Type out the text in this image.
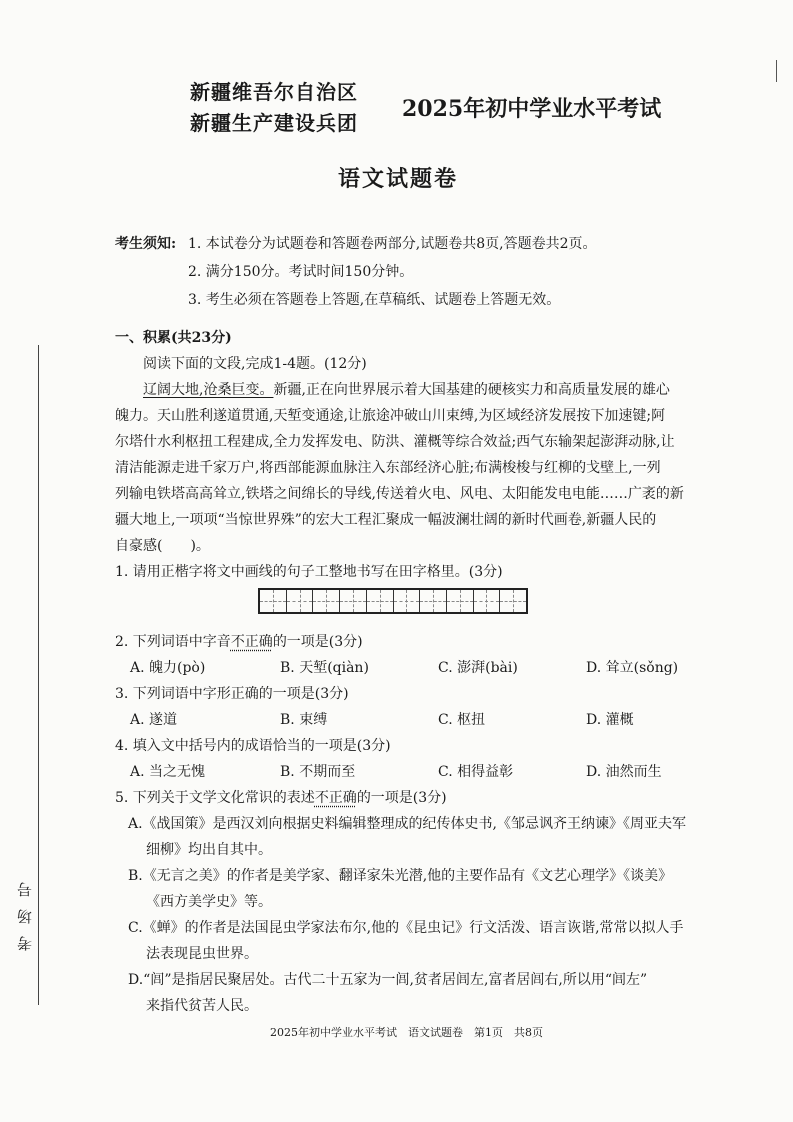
新疆维吾尔自治区
新疆生产建设兵团
2025年初中学业水平考试
语文试题卷
考生须知: 1. 本试卷分为试题卷和答题卷两部分,试题卷共8页,答题卷共2页。
2. 满分150分。考试时间150分钟。
3. 考生必须在答题卷上答题,在草稿纸、试题卷上答题无效。
一、积累(共23分)
阅读下面的文段,完成1-4题。(12分)
辽阔大地,沧桑巨变。新疆,正在向世界展示着大国基建的硬核实力和高质量发展的雄心
魄力。天山胜利遂道贯通,天堑变通途,让旅途冲破山川束缚,为区域经济发展按下加速键;阿
尔塔什水利枢扭工程建成,全力发挥发电、防洪、灌概等综合效益;西气东输架起澎湃动脉,让
清洁能源走进千家万户,将西部能源血脉注入东部经济心脏;布满梭梭与红柳的戈壁上,一列
列输电铁塔高高耸立,铁塔之间绵长的导线,传送着火电、风电、太阳能发电电能……广袤的新
疆大地上,一项项“当惊世界殊”的宏大工程汇聚成一幅波澜壮阔的新时代画卷,新疆人民的
自豪感(　　)。
1. 请用正楷字将文中画线的句子工整地书写在田字格里。(3分)
2. 下列词语中字音不正确的一项是(3分)
A. 魄力(pò)	B. 天堑(qiàn)	C. 澎湃(bài)	D. 耸立(sǒng)
3. 下列词语中字形正确的一项是(3分)
A. 遂道	B. 束缚	C. 枢扭	D. 灌概
4. 填入文中括号内的成语恰当的一项是(3分)
A. 当之无愧	B. 不期而至	C. 相得益彰	D. 油然而生
5. 下列关于文学文化常识的表述不正确的一项是(3分)
A.《战国策》是西汉刘向根据史料编辑整理成的纪传体史书,《邹忌讽齐王纳谏》《周亚夫军
细柳》均出自其中。
B.《无言之美》的作者是美学家、翻译家朱光潜,他的主要作品有《文艺心理学》《谈美》
《西方美学史》等。
C.《蝉》的作者是法国昆虫学家法布尔,他的《昆虫记》行文活泼、语言诙谐,常常以拟人手
法表现昆虫世界。
D.“闾”是指居民聚居处。古代二十五家为一闾,贫者居闾左,富者居闾右,所以用“闾左”
来指代贫苦人民。
2025年初中学业水平考试　语文试题卷　第1页　共8页
考场号
